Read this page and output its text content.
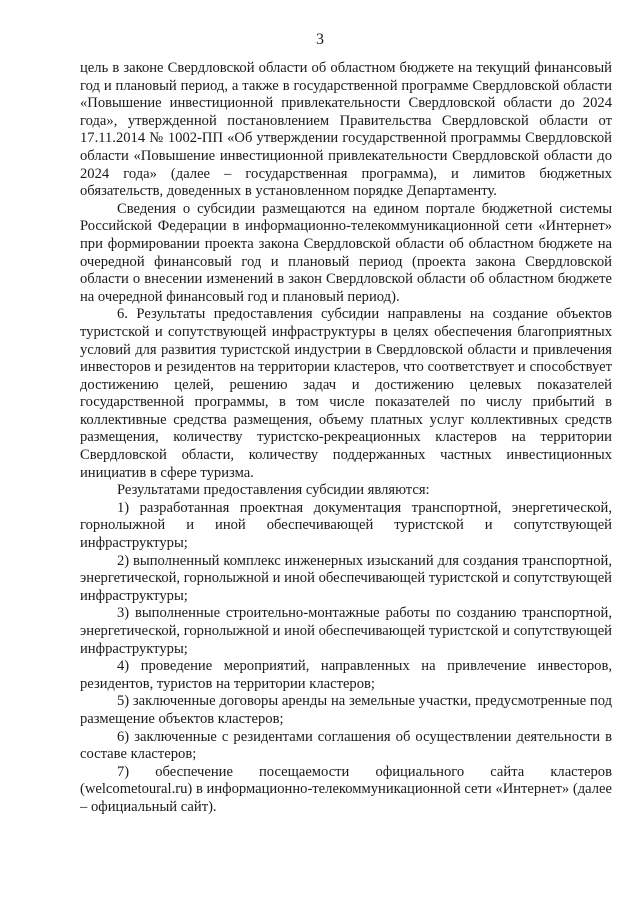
3

цель в законе Свердловской области об областном бюджете на текущий финансовый год и плановый период, а также в государственной программе Свердловской области «Повышение инвестиционной привлекательности Свердловской области до 2024 года», утвержденной постановлением Правительства Свердловской области от 17.11.2014 № 1002-ПП «Об утверждении государственной программы Свердловской области «Повышение инвестиционной привлекательности Свердловской области до 2024 года» (далее – государственная программа), и лимитов бюджетных обязательств, доведенных в установленном порядке Департаменту.

Сведения о субсидии размещаются на едином портале бюджетной системы Российской Федерации в информационно-телекоммуникационной сети «Интернет» при формировании проекта закона Свердловской области об областном бюджете на очередной финансовый год и плановый период (проекта закона Свердловской области о внесении изменений в закон Свердловской области об областном бюджете на очередной финансовый год и плановый период).

6. Результаты предоставления субсидии направлены на создание объектов туристской и сопутствующей инфраструктуры в целях обеспечения благоприятных условий для развития туристской индустрии в Свердловской области и привлечения инвесторов и резидентов на территории кластеров, что соответствует и способствует достижению целей, решению задач и достижению целевых показателей государственной программы, в том числе показателей по числу прибытий в коллективные средства размещения, объему платных услуг коллективных средств размещения, количеству туристско-рекреационных кластеров на территории Свердловской области, количеству поддержанных частных инвестиционных инициатив в сфере туризма.

Результатами предоставления субсидии являются:

1) разработанная проектная документация транспортной, энергетической, горнолыжной и иной обеспечивающей туристской и сопутствующей инфраструктуры;

2) выполненный комплекс инженерных изысканий для создания транспортной, энергетической, горнолыжной и иной обеспечивающей туристской и сопутствующей инфраструктуры;

3) выполненные строительно-монтажные работы по созданию транспортной, энергетической, горнолыжной и иной обеспечивающей туристской и сопутствующей инфраструктуры;

4) проведение мероприятий, направленных на привлечение инвесторов, резидентов, туристов на территории кластеров;

5) заключенные договоры аренды на земельные участки, предусмотренные под размещение объектов кластеров;

6) заключенные с резидентами соглашения об осуществлении деятельности в составе кластеров;

7) обеспечение посещаемости официального сайта кластеров (welcometoural.ru) в информационно-телекоммуникационной сети «Интернет» (далее – официальный сайт).
